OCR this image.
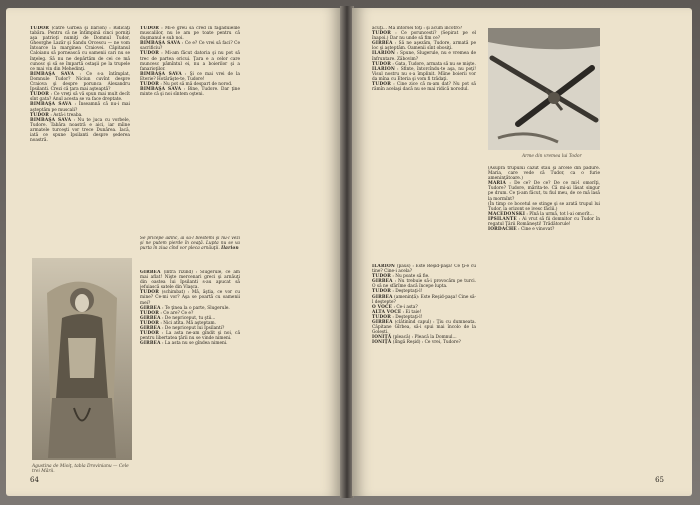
TUDOR (către Gîrbea şi Ilarion) : Ridicaţi tabăra. Pentru că ne întîmpină cinci porniţi aşa patrioţi numiţi de Domnul Tudor, Gheorghe Lazăr şi Sandu Orcescu — ne vom întoarce la marginea Craiovei. Căpitanul Caloianu să pornească cu oamenii cari nu se înţeleg. Să nu ne depărtăm de cei ce mă cunosc şi să se împartă ostaşii pe la trupele ce mai vin din Mehedinţi.

BIMBAŞA SAVA : Ce s-a întîmplat, Domnule Tudor? Niciun cuvînt despre Craiova şi despre porunca Alexandru Ipsilanti. Crezi că ţara mai aşteaptă?

TUDOR : Ce vreţi să vă spun mai mult decît sînt gata? Anul acesta se va face dreptate.

BIMBAŞA SAVA : Înseamnă că nu-i mai aşteptăm pe muscali?

TUDOR : Astă-i treaba.

BIMBAŞA SAVA : Nu te juca cu vorbele, Tudore. Tabăra noastră e aici, iar mîine armatele turceşti vor trece Dunărea. Iacă, iată ce spune Ipsilanti despre şederea noastră.

TUDOR : Mi-e greu să cred în făgăduielile muscalilor, nu le am pe toate pentru că duşmanul e sub noi.

BIMBAŞA SAVA : Ce e? Ce vrei să faci? Ce sacrificiu?

TUDOR : Mi-am făcut datoria şi nu pot să trec de partea oricui. Ţara e a celor care muncesc pămîntul ei, nu a boierilor şi a fanarioţilor.

BIMBAŞA SAVA : Şi ce mai vrei de la Eterie? Hotărăşte-te, Tudore!

TUDOR : Nu pot să mă despart de norod.

BIMBAŞA SAVA : Bine, Tudore. Dar ţine minte că şi noi sîntem oşteni.

Agustina de Mioiţ, tabla Drovinianu — Cele trei Mării.

Se pricepe adînc, ai sa-l blestemi şi nu-l vezi şi ne putem pierde în ceaţă. Lupta nu se va purta în ziua cînd vor pleca arnăuţii. Ilarion

GIRBEA (intră rîzînd) : Slugerule, ce am mai aflat! Nişte mercenari greci şi arnăuţi din oastea lui Ipsilanti s-au apucat să jefuiască satele din Vlaşca.

TUDOR (schimbat) : Mă, ăştia, ce vor cu mine? Ce-mi vor? Aşa se poartă cu oamenii mei?

GIRBEA : Te ţinea la o parte, Slugerule.

TUDOR : Ce are? Ce e?

GIRBEA : De nepriceput, tu ştii...

TUDOR : Nici atîta. Mă aşteptam.

GIRBEA : De nepriceput lui Ipsilanti?

TUDOR : La asta ne-am gîndit şi noi, că pentru libertatea ţării nu se vinde nimeni.

GIRBEA : La asta nu se gîndea nimeni.

64

acuţi... Mă întorsei toţi : şi acum încotro?

TUDOR : Ce poruncesti? (Sepirat pe el înapoi.) Dar nu unde să fim ce?

GIRBEA : Să ne aşezăm, Tudore, armată pe loc şi aşteptăm. Oamenii sînt obosiţi.

ILARION : Spune, Slugerule, nu e vremea de înfruntare. Zăbovim?

TUDOR : Gata, Tudore, armata să nu se mişte.

ILARION : Sfinte, întorcîndu-te aşa, nu poţi! Visul nostru nu s-a împlinit. Mîine boierii vor da mîna cu Eteria şi vom fi trădaţi.

TUDOR : Cine zice că m-am dat? Nu pot să rămîn acelaşi dacă nu se mai ridică norodul.

Arme din vremea lui Todor

ILARION (paus) : Este Reşid-paşa! Ce ţi-e cu tine? Cine-i acela?

TUDOR : Nu poate să fie.

GIRBEA : Nu trebuie să-i provocăm pe turci. O să ne sfărîme dacă începe lupta.

TUDOR : Deşteptaţi-l!

GIRBEA (amenință): Este Reşid-paşa! Cine să-l deştepte?

O VOCE : Ce-i asta?

ALTA VOCE : Ei taie!

TUDOR : Deşteptaţi-l!

GIRBEA (clătinînd capul) : Ţiu cu dumneata. Căpitane Gîrbea, să-i spui mai încolo de la Golești.

IONIŢĂ (pleacă) : Pleacă la Domnul...

IONIŢĂ (lîngă Reşid) : Ce vrei, Tudore?

(Asupra trupului căzut stau şi arcele din pădure. Maria, care vede că Tudor, ca o furie ameninţătoare.)

MARIA : De ce? De ce? De ce mi-l omorîţi, Tudore? Tudore, mărita-te. Că mi-ai lăsat singur pe drum. Ce ţi-am făcut, tu fiul meu, de ce mă lasă la mormînt?

(În timp ce bocetul se stinge şi se arată trupul lui Tudor, la orizont se ivesc făclii.)

MACEDONSKI : Pînă la urmă, tot l-ai omorît...

IPSILANTE : Ai vrut să fii domnitor cu Tudor în regatul Ţării Româneşti! Trădătorule!

IORDACHE : Cine e vinovat?

65
